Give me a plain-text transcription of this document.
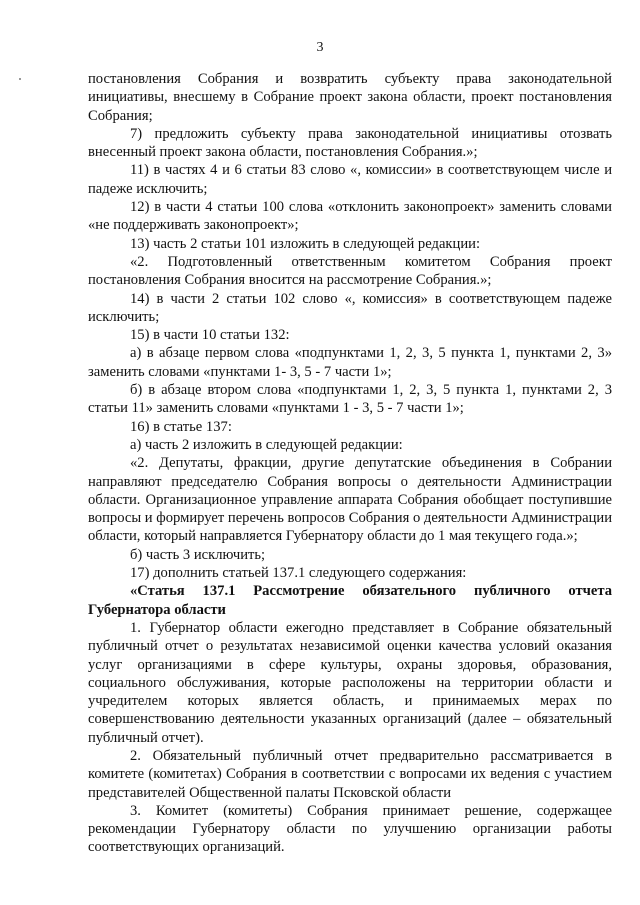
3

постановления Собрания и возвратить субъекту права законодательной инициативы, внесшему в Собрание проект закона области, проект постановления Собрания;

7) предложить субъекту права законодательной инициативы отозвать внесенный проект закона области, постановления Собрания.»;

11) в частях 4 и 6 статьи 83 слово «, комиссии» в соответствующем числе и падеже исключить;

12) в части 4 статьи 100 слова «отклонить законопроект» заменить словами «не поддерживать законопроект»;

13) часть 2 статьи 101 изложить в следующей редакции:

«2. Подготовленный ответственным комитетом Собрания проект постановления Собрания вносится на рассмотрение Собрания.»;

14) в части 2 статьи 102 слово «, комиссия» в соответствующем падеже исключить;

15) в части 10 статьи 132:

а) в абзаце первом слова «подпунктами 1, 2, 3, 5 пункта 1, пунктами 2, 3» заменить словами «пунктами 1- 3, 5 - 7 части 1»;

б) в абзаце втором слова «подпунктами 1, 2, 3, 5 пункта 1, пунктами 2, 3 статьи 11» заменить словами «пунктами 1 - 3, 5 - 7 части 1»;

16) в статье 137:

а) часть 2 изложить в следующей редакции:

«2. Депутаты, фракции, другие депутатские объединения в Собрании направляют председателю Собрания вопросы о деятельности Администрации области. Организационное управление аппарата Собрания обобщает поступившие вопросы и формирует перечень вопросов Собрания о деятельности Администрации области, который направляется Губернатору области до 1 мая текущего года.»;

б) часть 3 исключить;

17) дополнить статьей 137.1 следующего содержания:

«Статья 137.1 Рассмотрение обязательного публичного отчета Губернатора области

1. Губернатор области ежегодно представляет в Собрание обязательный публичный отчет о результатах независимой оценки качества условий оказания услуг организациями в сфере культуры, охраны здоровья, образования, социального обслуживания, которые расположены на территории области и учредителем которых является область, и принимаемых мерах по совершенствованию деятельности указанных организаций (далее – обязательный публичный отчет).

2. Обязательный публичный отчет предварительно рассматривается в комитете (комитетах) Собрания в соответствии с вопросами их ведения с участием представителей Общественной палаты Псковской области

3. Комитет (комитеты) Собрания принимает решение, содержащее рекомендации Губернатору области по улучшению организации работы соответствующих организаций.
